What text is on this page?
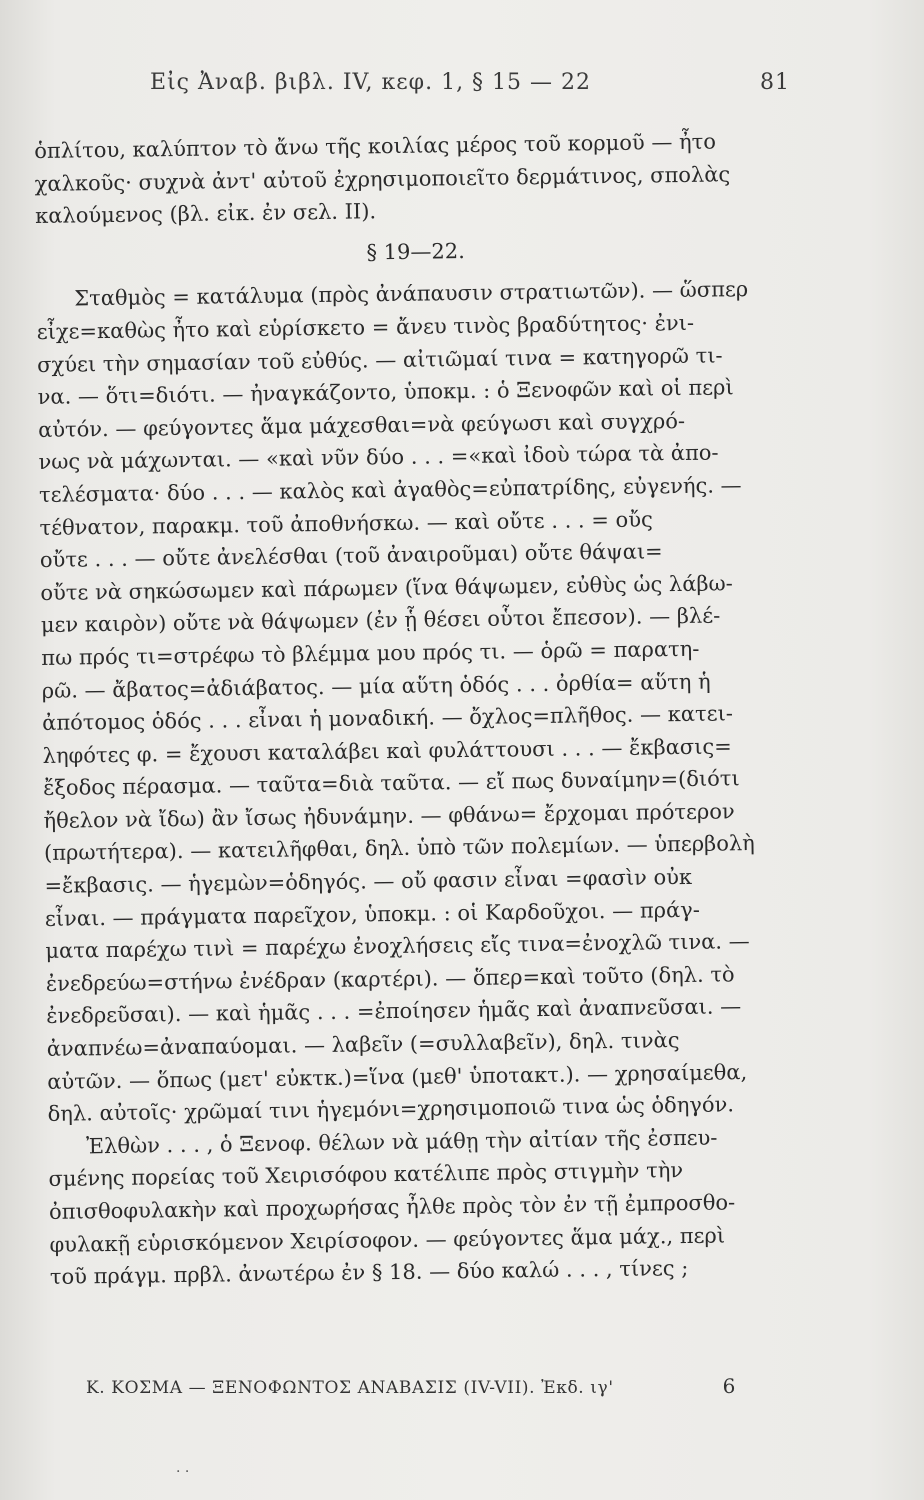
Εἰς Ἀναβ. βιβλ. IV, κεφ. 1, § 15 — 22	81

ὁπλίτου, καλύπτον τὸ ἄνω τῆς κοιλίας μέρος τοῦ κορμοῦ — ἦτο

χαλκοῦς· συχνὰ ἀντ' αὐτοῦ ἐχρησιμοποιεῖτο δερμάτινος, σπολὰς

καλούμενος (βλ. εἰκ. ἐν σελ. II).

§ 19—22.

Σταθμὸς = κατάλυμα (πρὸς ἀνάπαυσιν στρατιωτῶν). — ὥσπερ

εἶχε=καθὼς ἦτο καὶ εὑρίσκετο = ἄνευ τινὸς βραδύτητος· ἐνι-

σχύει τὴν σημασίαν τοῦ εὐθύς. — αἰτιῶμαί τινα = κατηγορῶ τι-

να. — ὅτι=διότι. — ἠναγκάζοντο, ὑποκμ. : ὁ Ξενοφῶν καὶ οἱ περὶ

αὐτόν. — φεύγοντες ἅμα μάχεσθαι=νὰ φεύγωσι καὶ συγχρό-

νως νὰ μάχωνται. — «καὶ νῦν δύο . . . =«καὶ ἰδοὺ τώρα τὰ ἀπο-

τελέσματα· δύο . . . — καλὸς καὶ ἀγαθὸς=εὐπατρίδης, εὐγενής. —

τέθνατον, παρακμ. τοῦ ἀποθνήσκω. — καὶ οὔτε . . . = οὔς

οὔτε . . . — οὔτε ἀνελέσθαι (τοῦ ἀναιροῦμαι) οὔτε θάψαι=

οὔτε νὰ σηκώσωμεν καὶ πάρωμεν (ἵνα θάψωμεν, εὐθὺς ὡς λάβω-

μεν καιρὸν) οὔτε νὰ θάψωμεν (ἐν ᾗ θέσει οὗτοι ἔπεσον). — βλέ-

πω πρός τι=στρέφω τὸ βλέμμα μου πρός τι. — ὁρῶ = παρατη-

ρῶ. — ἄβατος=ἀδιάβατος. — μία αὕτη ὁδός . . . ὀρθία= αὕτη ἡ

ἀπότομος ὁδός . . . εἶναι ἡ μοναδική. — ὄχλος=πλῆθος. — κατει-

ληφότες φ. = ἔχουσι καταλάβει καὶ φυλάττουσι . . . — ἔκβασις=

ἔξοδος πέρασμα. — ταῦτα=διὰ ταῦτα. — εἴ πως δυναίμην=(διότι

ἤθελον νὰ ἴδω) ἂν ἴσως ἠδυνάμην. — φθάνω= ἔρχομαι πρότερον

(πρωτήτερα). — κατειλῆφθαι, δηλ. ὑπὸ τῶν πολεμίων. — ὑπερβολὴ

=ἔκβασις. — ἡγεμὼν=ὁδηγός. — οὔ φασιν εἶναι =φασὶν οὐκ

εἶναι. — πράγματα παρεῖχον, ὑποκμ. : οἱ Καρδοῦχοι. — πράγ-

ματα παρέχω τινὶ = παρέχω ἐνοχλήσεις εἴς τινα=ἐνοχλῶ τινα. —

ἐνεδρεύω=στήνω ἐνέδραν (καρτέρι). — ὅπερ=καὶ τοῦτο (δηλ. τὸ

ἐνεδρεῦσαι). — καὶ ἡμᾶς . . . =ἐποίησεν ἡμᾶς καὶ ἀναπνεῦσαι. —

ἀναπνέω=ἀναπαύομαι. — λαβεῖν (=συλλαβεῖν), δηλ. τινὰς

αὐτῶν. — ὅπως (μετ' εὐκτκ.)=ἵνα (μεθ' ὑποτακτ.). — χρησαίμεθα,

δηλ. αὐτοῖς· χρῶμαί τινι ἡγεμόνι=χρησιμοποιῶ τινα ὡς ὁδηγόν.

Ἐλθὼν . . . , ὁ Ξενοφ. θέλων νὰ μάθῃ τὴν αἰτίαν τῆς ἐσπευ-

σμένης πορείας τοῦ Χειρισόφου κατέλιπε πρὸς στιγμὴν τὴν

ὀπισθοφυλακὴν καὶ προχωρήσας ἦλθε πρὸς τὸν ἐν τῇ ἐμπροσθο-

φυλακῇ εὑρισκόμενον Χειρίσοφον. — φεύγοντες ἅμα μάχ., περὶ

τοῦ πράγμ. πρβλ. ἀνωτέρω ἐν § 18. — δύο καλώ . . . , τίνες ;

Κ. ΚΟΣΜΑ — ΞΕΝΟΦΩΝΤΟΣ ΑΝΑΒΑΣΙΣ (IV-VII). Ἐκδ. ιγ'	6
· ·
